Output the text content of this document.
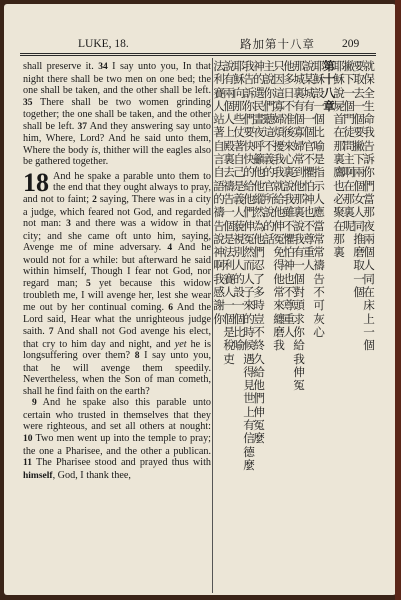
LUKE, 18.	路加第十八章 209

shall preserve it. 34 I say unto you, In that night there shall be two men on one bed; the one shall be taken, and the other shall be left. 35 There shall be two women grinding together; the one shall be taken, and the other shall be left. 37 And they answering say unto him, Where, Lord? And he said unto them, Where the body is, thither will the eagles also be gathered together.

18 And he spake a parable unto them to the end that they ought always to pray, and not to faint; 2 saying, There was in a city a judge, which feared not God, and regarded not man: 3 and there was a widow in that city; and she came oft unto him, saying, Avenge me of mine adversary. 4 And he would not for a while: but afterward he said within himself, Though I fear not God, nor regard man; 5 yet because this widow troubleth me, I will avenge her, lest she wear me out by her continual coming. 6 And the Lord said, Hear what the unrighteous judge saith. 7 And shall not God avenge his elect, that cry to him day and night, and yet he is longsuffering over them? 8 I say unto you, that he will avenge them speedily. Nevertheless, when the Son of man cometh, shall he find faith on the earth?

9 And he spake also this parable unto certain who trusted in themselves that they were righteous, and set all others at nought: 10 Two men went up into the temple to pray; the one a Pharisee, and the other a publican. 11 The Pharisee stood and prayed thus with himself, God, I thank thee,

就保全生命我告訴你們當那夜兩個人同在床上一個
要取去一個要撇下兩個女人同推磨取一個
撇下一個門徒問主啊在那裏呢
耶穌說屍首在那裏鷹也必聚在那裏
第十八章
耶穌設一個比喻是指示人應當常常禱告不可灰心
說某城有一個官不懼怕神也不尊重人
那城裏有個寡婦常到他那裏說我有一個對頭求你給我伸冤
他多日不准後來心裏說我雖不懼怕神也不尊重人
只因這寡婦煩擾我我就給他伸冤免得他常來纏磨我
主說你們聽這不義的官所說的話
神的選民晝夜呼籲他他縱然為他們忍了多時豈不終久給他們伸冤麼
我告訴你們要快快的給他們伸冤然而人子來的時候遇得見世上有信德麼
耶穌向那些仗著自己是義人藐視別人的設一個比喻
說有兩個人上殿裏去禱告一個是法利賽人一個是稅吏
法利賽人站著自言自語的禱告說神啊我感謝你
